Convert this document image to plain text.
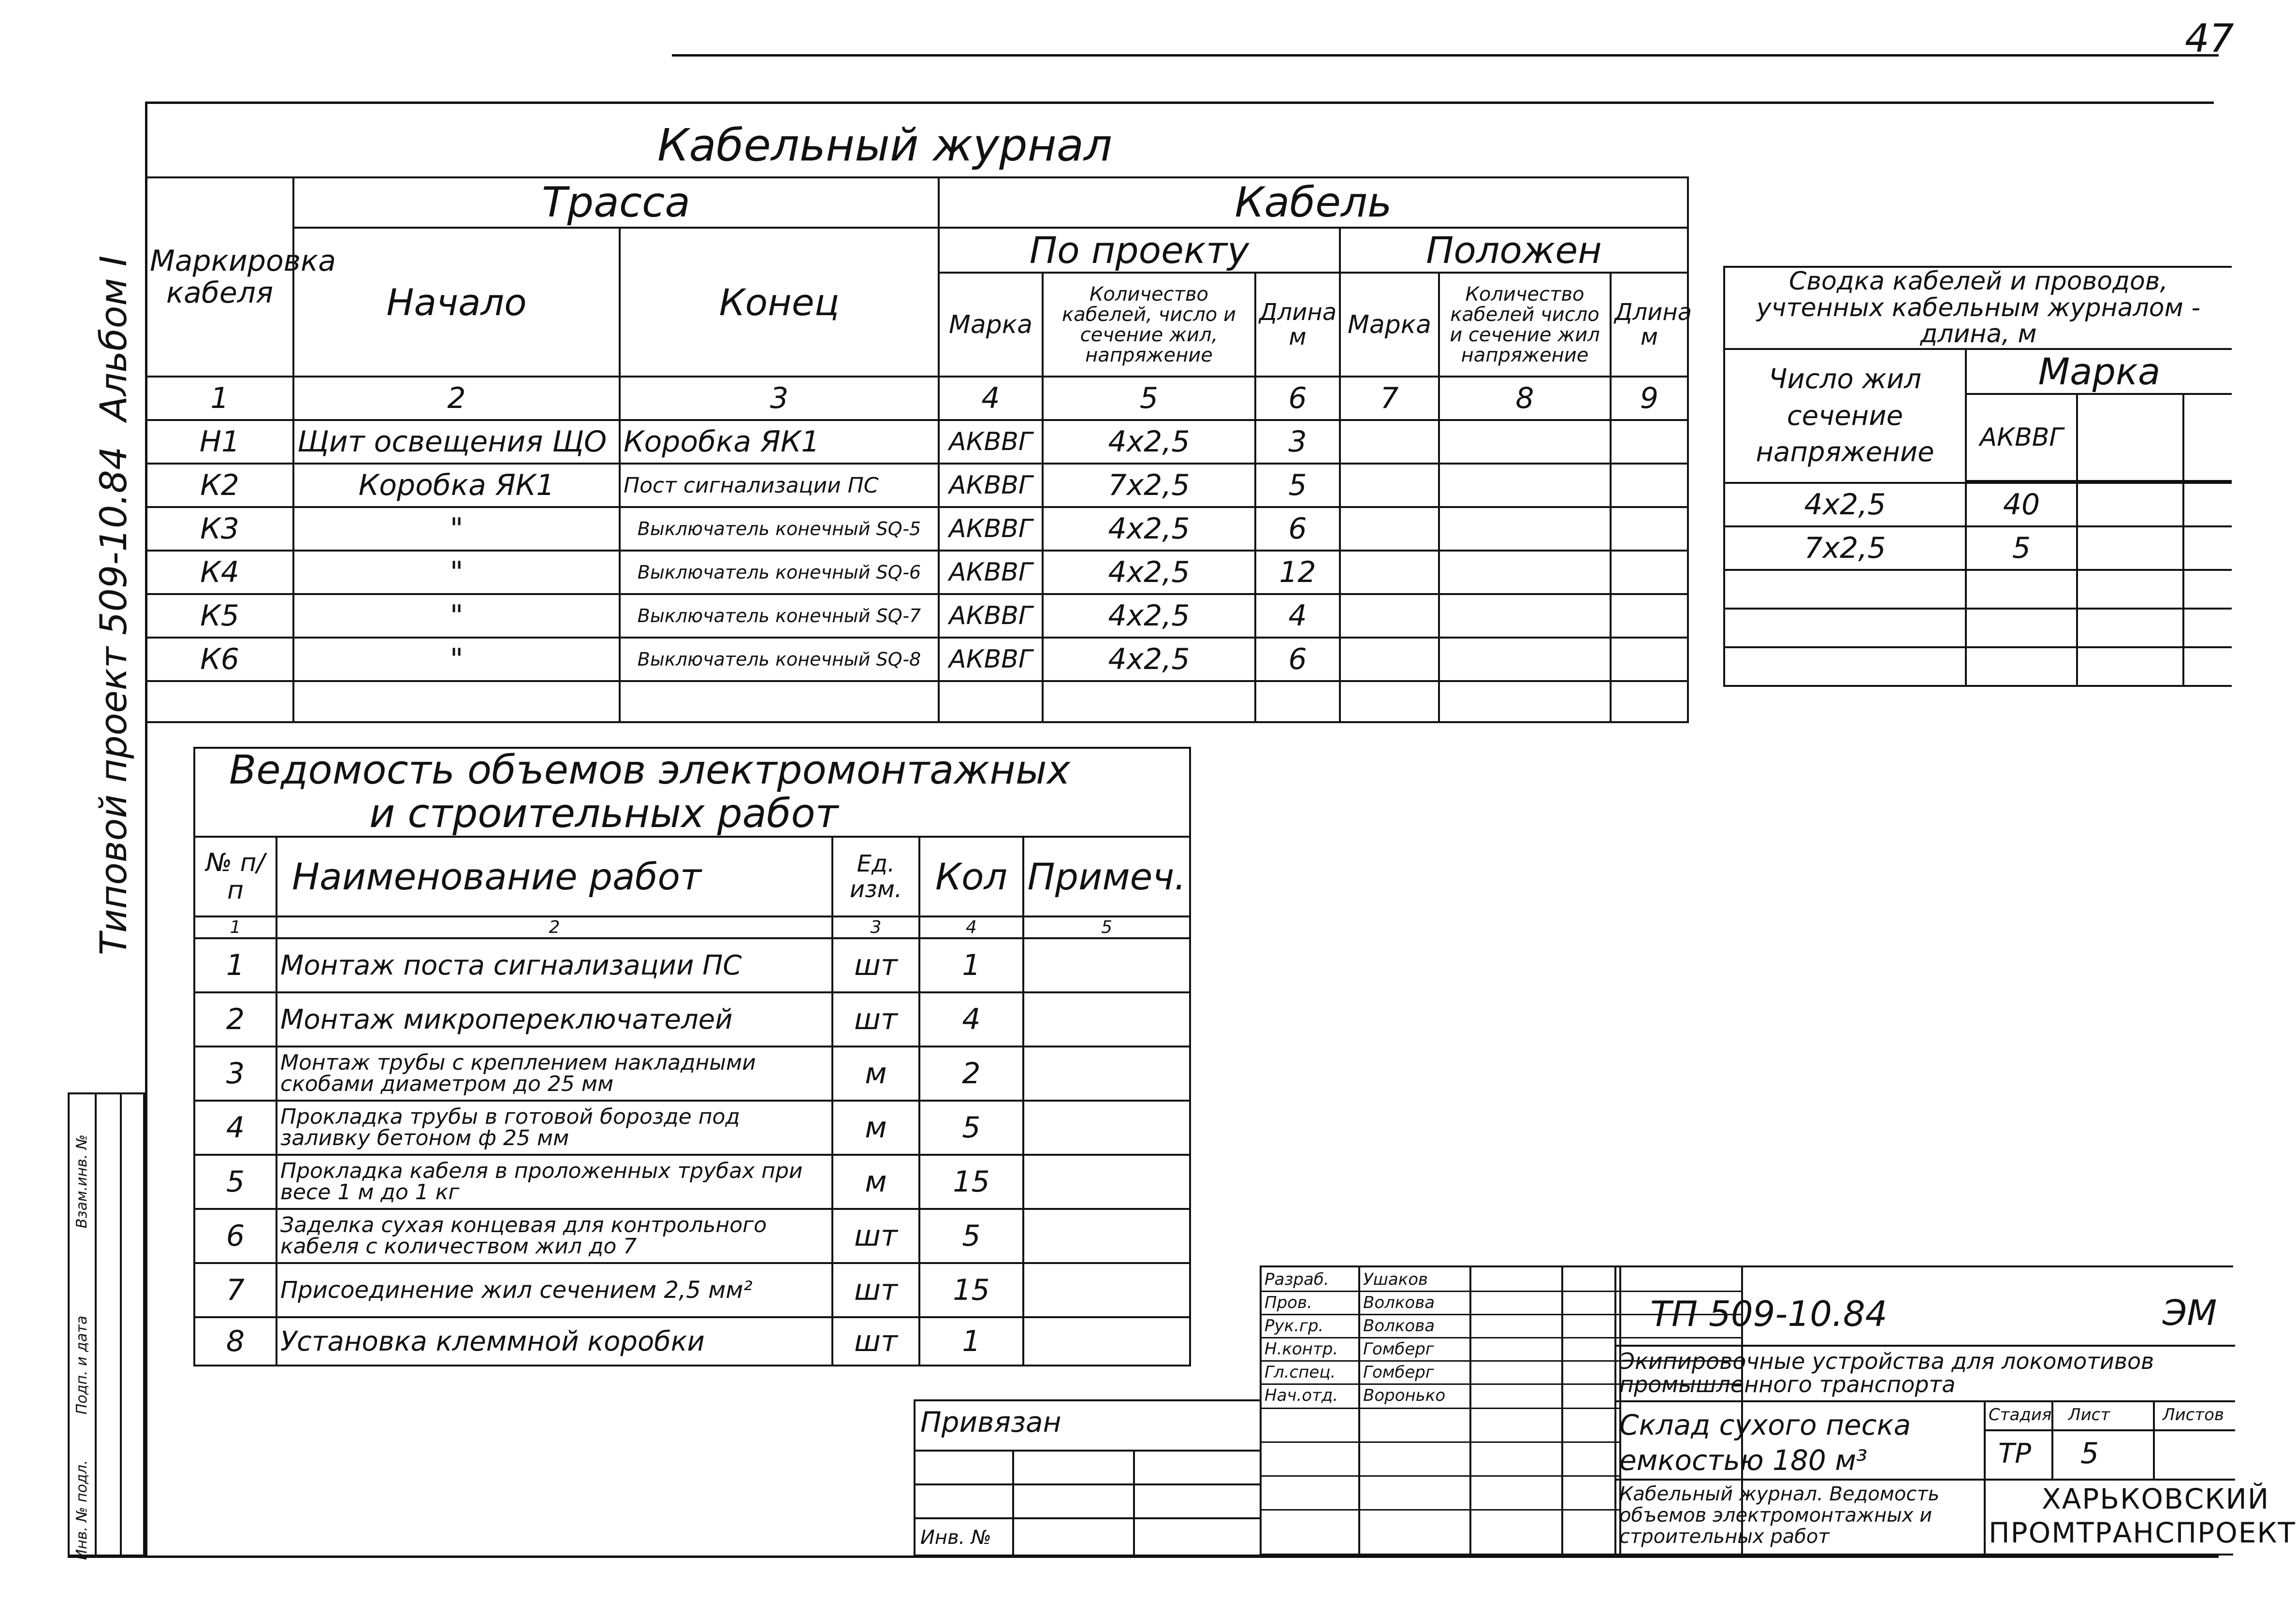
47
Альбом I
Типовой проект 509-10.84
Инв. № подл.
Подп. и дата
Взам.инв. №
Кабельный журнал
Маркировка кабеля	Трасса		Кабель					
	Начало	Конец	По проекту			Положен		
			Марка	Количество кабелей, число и сечение жил, напряжение	Длина м	Марка	Количество кабелей число и сечение жил напряжение	Длина м
1	2	3	4	5	6	7	8	9
Н1	Щит освещения ЩО	Коробка ЯК1	АКВВГ	4х2,5	3			
К2	Коробка ЯК1	Пост сигнализации ПС	АКВВГ	7х2,5	5			
К3	"	Выключатель конечный SQ-5	АКВВГ	4х2,5	6			
К4	"	Выключатель конечный SQ-6	АКВВГ	4х2,5	12			
К5	"	Выключатель конечный SQ-7	АКВВГ	4х2,5	4			
К6	"	Выключатель конечный SQ-8	АКВВГ	4х2,5	6			

Сводка кабелей и проводов, учтенных кабельным журналом - длина, м			
Число жил сечение напряжение	Марка		
	АКВВГ		

4х2,5	40		
7х2,5	5		

Ведомость объемов электромонтажных
и строительных работ				

№ п/п	Наименование работ	Ед. изм.	Кол	Примеч.
1	2	3	4	5
1	Монтаж поста сигнализации ПС	шт	1	
2	Монтаж микропереключателей	шт	4	
3	Монтаж трубы с креплением накладными скобами диаметром до 25 мм	м	2	
4	Прокладка трубы в готовой борозде под заливку бетоном ф 25 мм	м	5	
5	Прокладка кабеля в проложенных трубах при весе 1 м до 1 кг	м	15	
6	Заделка сухая концевая для контрольного кабеля с количеством жил до 7	шт	5	
7	Присоединение жил сечением 2,5 мм²	шт	15	
8	Установка клеммной коробки	шт	1	
Привязан
Инв. №
Разраб. Ушаков
Пров.	Волкова
Рук.гр. Волкова
Н.контр. Гомберг
Гл.спец. Гомберг
Нач.отд. Воронько
ТП 509-10.84	ЭМ
Экипировочные устройства для локомотивов промышленного транспорта
Склад сухого песка емкостью 180 м³
Кабельный журнал. Ведомость объемов электромонтажных и строительных работ
Стадия Лист	Листов
ТР 5
ХАРЬКОВСКИЙ
ПРОМТРАНСПРОЕКТ
